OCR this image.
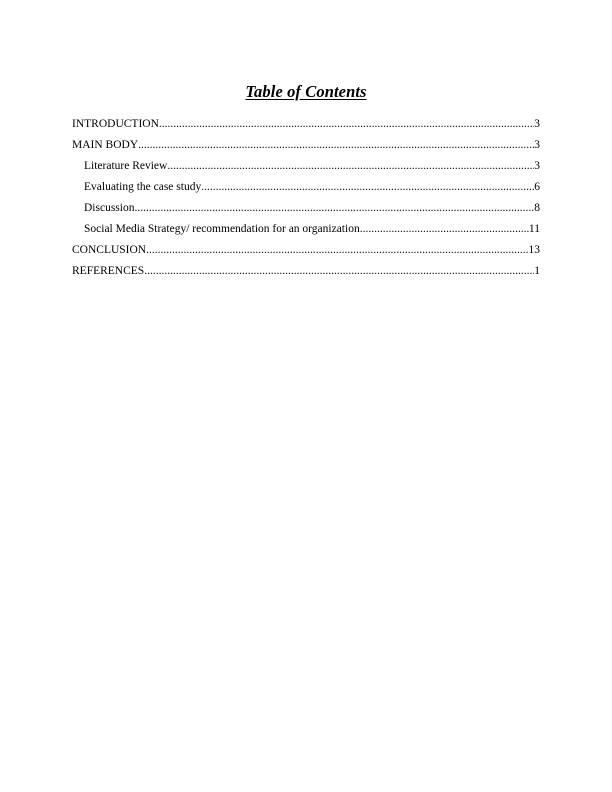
Table of Contents
INTRODUCTION .....	3
MAIN BODY .....	3
Literature Review .....	3
Evaluating the case study .....	6
Discussion .....	8
Social Media Strategy/ recommendation for an organization .....	11
CONCLUSION .....	13
REFERENCES .....	1
